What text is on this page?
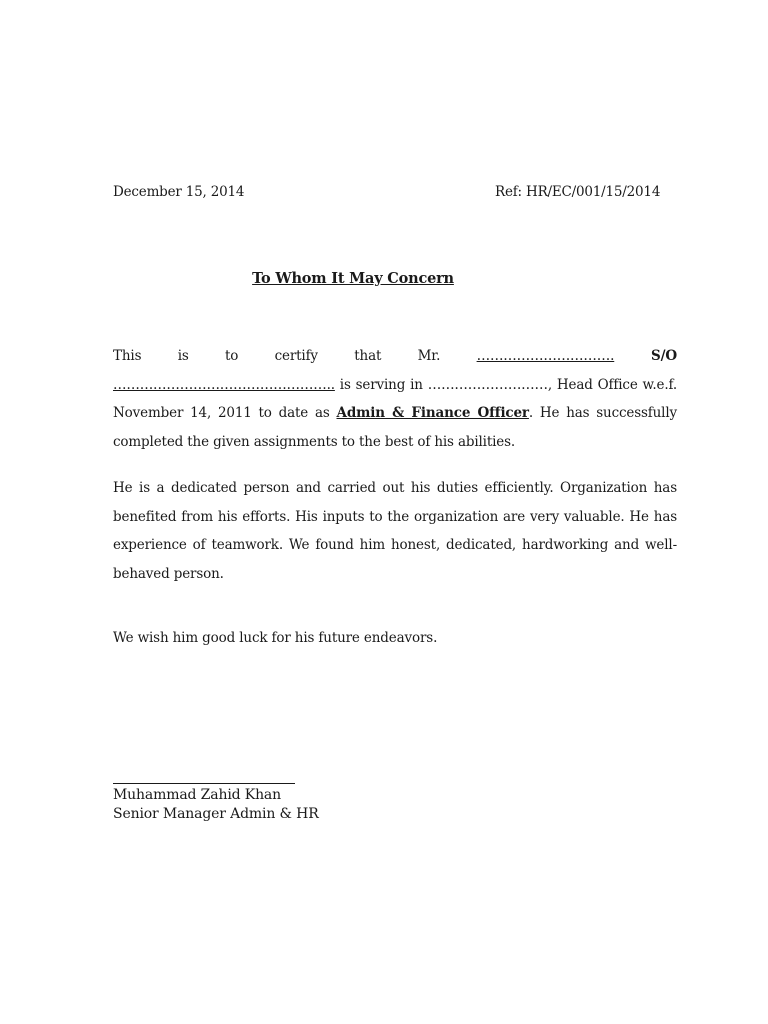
December 15, 2014	Ref: HR/EC/001/15/2014
To Whom It May Concern

This is to certify that Mr. …………………………. S/O ………………………………………….. is serving in ………………………, Head Office w.e.f. November 14, 2011 to date as Admin & Finance Officer. He has successfully completed the given assignments to the best of his abilities.

He is a dedicated person and carried out his duties efficiently. Organization has benefited from his efforts. His inputs to the organization are very valuable. He has experience of teamwork. We found him honest, dedicated, hardworking and well-behaved person.

We wish him good luck for his future endeavors.

Muhammad Zahid Khan
Senior Manager Admin & HR
